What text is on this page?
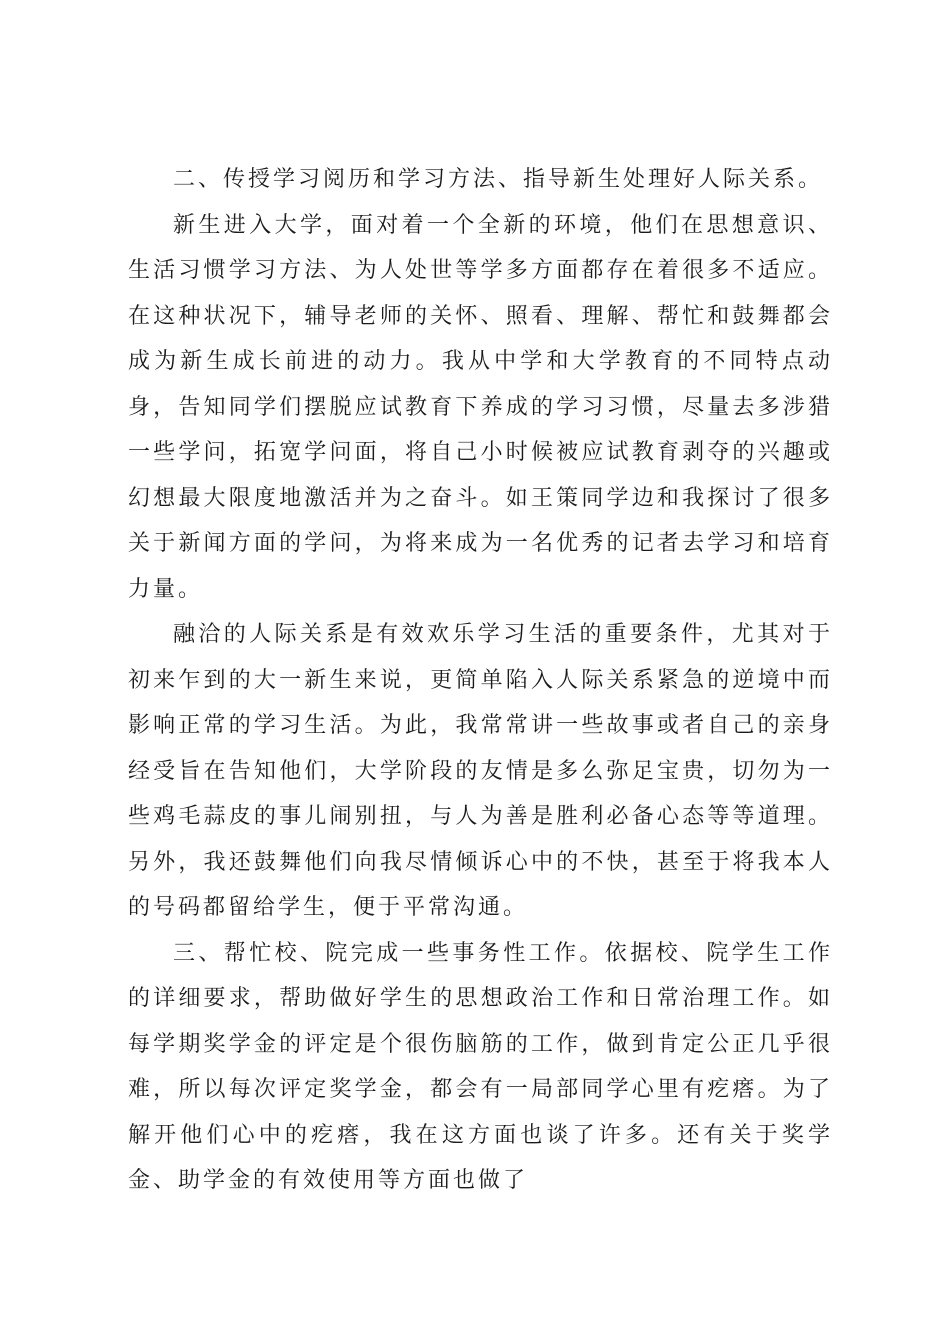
二、传授学习阅历和学习方法、指导新生处理好人际关系。

新生进入大学，面对着一个全新的环境，他们在思想意识、生活习惯学习方法、为人处世等学多方面都存在着很多不适应。在这种状况下，辅导老师的关怀、照看、理解、帮忙和鼓舞都会成为新生成长前进的动力。我从中学和大学教育的不同特点动身，告知同学们摆脱应试教育下养成的学习习惯，尽量去多涉猎一些学问，拓宽学问面，将自己小时候被应试教育剥夺的兴趣或幻想最大限度地激活并为之奋斗。如王策同学边和我探讨了很多关于新闻方面的学问，为将来成为一名优秀的记者去学习和培育力量。

融洽的人际关系是有效欢乐学习生活的重要条件，尤其对于初来乍到的大一新生来说，更简单陷入人际关系紧急的逆境中而影响正常的学习生活。为此，我常常讲一些故事或者自己的亲身经受旨在告知他们，大学阶段的友情是多么弥足宝贵，切勿为一些鸡毛蒜皮的事儿闹别扭，与人为善是胜利必备心态等等道理。另外，我还鼓舞他们向我尽情倾诉心中的不快，甚至于将我本人的号码都留给学生，便于平常沟通。

三、帮忙校、院完成一些事务性工作。依据校、院学生工作的详细要求，帮助做好学生的思想政治工作和日常治理工作。如每学期奖学金的评定是个很伤脑筋的工作，做到肯定公正几乎很难，所以每次评定奖学金，都会有一局部同学心里有疙瘩。为了解开他们心中的疙瘩，我在这方面也谈了许多。还有关于奖学金、助学金的有效使用等方面也做了
